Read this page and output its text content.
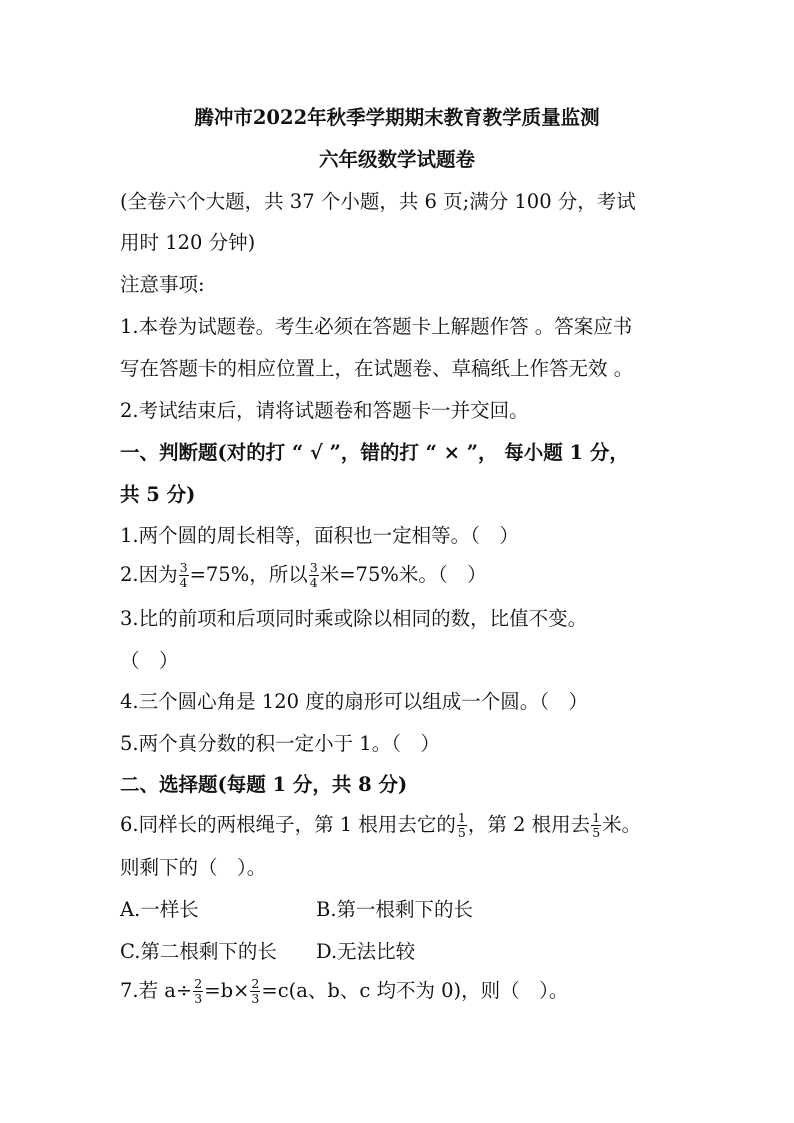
腾冲市2022年秋季学期期末教育教学质量监测
六年级数学试题卷
(全卷六个大题，共 37 个小题，共 6 页;满分 100 分，考试
用时 120 分钟)
注意事项:
1.本卷为试题卷。考生必须在答题卡上解题作答 。答案应书
写在答题卡的相应位置上，在试题卷、草稿纸上作答无效 。
2.考试结束后，请将试题卷和答题卡一并交回。
一、判断题(对的打 “ √ ”，错的打 “ × ”， 每小题 1 分，
共 5 分)
1.两个圆的周长相等，面积也一定相等。（　）
2.因为 $\frac{3}{4} =75\%$，所以 $\frac{3}{4}$ 米=75%米。（　）
3.比的前项和后项同时乘或除以相同的数，比值不变。
（　）
4.三个圆心角是 120 度的扇形可以组成一个圆。（　）
5.两个真分数的积一定小于 1。（　）
二、选择题(每题 1 分，共 8 分)
6.同样长的两根绳子，第 1 根用去它的 $\frac{1}{5}$ ，第 2 根用去 $\frac{1}{5}$ 米。
则剩下的（　）。
A.一样长	B.第一根剩下的长
C.第二根剩下的长	D.无法比较
7.若 $a\div \frac{2}{3} =b\times \frac{2}{3} =c(a$、b、c 均不为 0)，则（　）。
